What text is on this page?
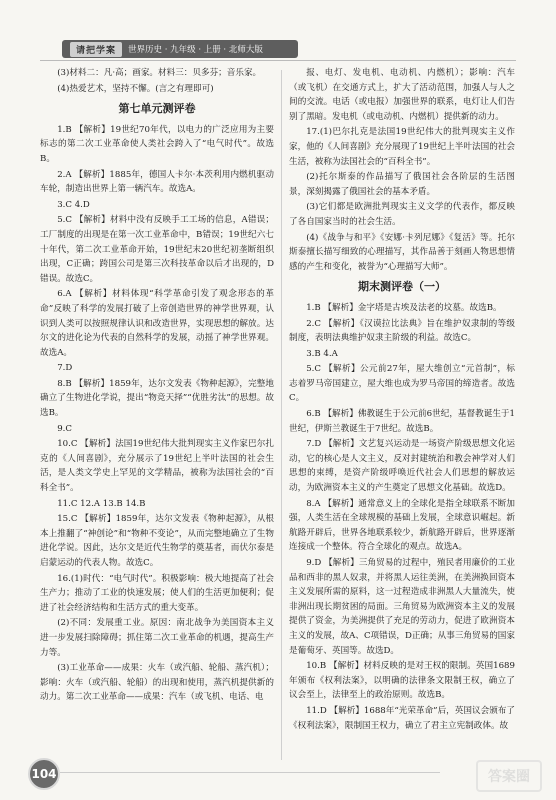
请把学案	世界历史 · 九年级 · 上册 · 北师大版

(3)材料二：凡·高；画家。材料三：贝多芬；音乐家。

(4)热爱艺术，坚持不懈。(言之有理即可)

第七单元测评卷

1.B 【解析】19世纪70年代，以电力的广泛应用为主要标志的第二次工业革命使人类社会跨入了“电气时代”。故选B。

2.A 【解析】1885年，德国人卡尔·本茨利用内燃机驱动车轮，制造出世界上第一辆汽车。故选A。

3.C 4.D

5.C 【解析】材料中没有反映手工工场的信息，A错误；工厂制度的出现是在第一次工业革命中，B错误；19世纪六七十年代，第二次工业革命开始，19世纪末20世纪初垄断组织出现，C正确；跨国公司是第三次科技革命以后才出现的，D错误。故选C。

6.A 【解析】材料体现“科学革命引发了观念形态的革命”反映了科学的发展打破了上帝创造世界的神学世界观，认识到人类可以按照规律认识和改造世界，实现思想的解放。达尔文的进化论为代表的自然科学的发展，动摇了神学世界观。故选A。

7.D

8.B 【解析】1859年，达尔文发表《物种起源》，完整地确立了生物进化学说，提出“物竞天择”“优胜劣汰”的思想。故选B。

9.C

10.C 【解析】法国19世纪伟大批判现实主义作家巴尔扎克的《人间喜剧》，充分展示了19世纪上半叶法国的社会生活，是人类文学史上罕见的文学精品，被称为法国社会的“百科全书”。

11.C 12.A 13.B 14.B

15.C 【解析】1859年，达尔文发表《物种起源》，从根本上推翻了“神创论”和“物种不变论”，从而完整地确立了生物进化学说。因此，达尔文是近代生物学的奠基者，而伏尔泰是启蒙运动的代表人物。故选C。

16.(1)时代：“电气时代”。积极影响：极大地提高了社会生产力；推动了工业的快速发展；使人们的生活更加便利；促进了社会经济结构和生活方式的重大变革。

(2)不同：发展重工业。原因：南北战争为美国资本主义进一步发展扫除障碍；抓住第二次工业革命的机遇，提高生产力等。

(3)工业革命——成果：火车（或汽船、轮船、蒸汽机）；影响：火车（或汽船、轮船）的出现和使用，蒸汽机提供新的动力。第二次工业革命——成果：汽车（或飞机、电话、电

报、电灯、发电机、电动机、内燃机）；影响：汽车（或飞机）在交通方式上，扩大了活动范围，加强人与人之间的交流。电话（或电报）加强世界的联系，电灯让人们告别了黑暗。发电机（或电动机、内燃机）提供新的动力。

17.(1)巴尔扎克是法国19世纪伟大的批判现实主义作家，他的《人间喜剧》充分展现了19世纪上半叶法国的社会生活，被称为法国社会的“百科全书”。

(2)托尔斯泰的作品描写了俄国社会各阶层的生活图景，深刻揭露了俄国社会的基本矛盾。

(3)它们都是欧洲批判现实主义文学的代表作，都反映了各自国家当时的社会生活。

(4)《战争与和平》《安娜·卡列尼娜》《复活》等。托尔斯泰擅长描写细致的心理描写，其作品善于刻画人物思想情感的产生和变化，被誉为“心理描写大师”。

期末测评卷（一）

1.B 【解析】金字塔是古埃及法老的坟墓。故选B。

2.C 【解析】《汉谟拉比法典》旨在维护奴隶制的等级制度，表明法典维护奴隶主阶级的利益。故选C。

3.B 4.A

5.C 【解析】公元前27年，屋大维创立“元首制”，标志着罗马帝国建立，屋大维也成为罗马帝国的缔造者。故选C。

6.B 【解析】佛教诞生于公元前6世纪，基督教诞生于1世纪，伊斯兰教诞生于7世纪。故选B。

7.D 【解析】文艺复兴运动是一场资产阶级思想文化运动，它的核心是人文主义，反对封建统治和教会神学对人们思想的束缚，是资产阶级呼唤近代社会人们思想的解放运动，为欧洲资本主义的产生奠定了思想文化基础。故选D。

8.A 【解析】通常意义上的全球化是指全球联系不断加强，人类生活在全球规模的基础上发展，全球意识崛起。新航路开辟后，世界各地联系较少，新航路开辟后，世界逐渐连接成一个整体。符合全球化的观点。故选A。

9.D 【解析】三角贸易的过程中，殖民者用廉价的工业品和西非的黑人奴隶，并将黑人运往美洲，在美洲换回资本主义发展所需的原料，这一过程造成非洲黑人大量流失，使非洲出现长期贫困的局面。三角贸易为欧洲资本主义的发展提供了资金，为美洲提供了充足的劳动力，促进了欧洲资本主义的发展，故A、C项错误，D正确；从事三角贸易的国家是葡萄牙、英国等。故选D。

10.B 【解析】材料反映的是对王权的限制。英国1689年颁布《权利法案》，以明确的法律条文限制王权，确立了议会至上，法律至上的政治原则。故选B。

11.D 【解析】1688年“光荣革命”后，英国议会颁布了《权利法案》，限制国王权力，确立了君主立宪制政体。故

104	答案圈
